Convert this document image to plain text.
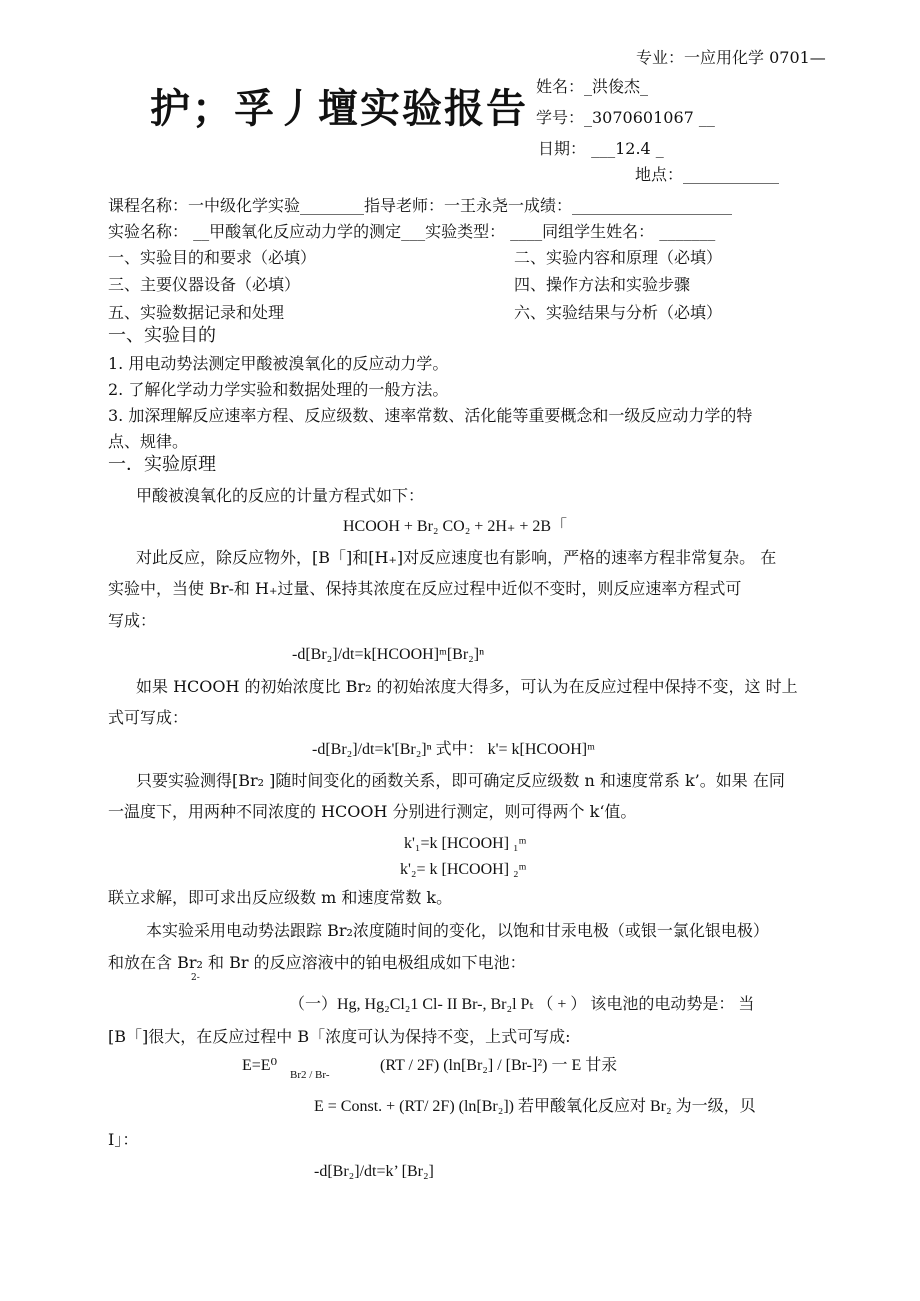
专业：一应用化学 0701—
护；孚丿壇实验报告 姓名：_洪俊杰_
学号：_3070601067 __
日期： ___12.4 _
地点：____________
课程名称：一中级化学实验________指导老师：一王永尧一成绩：____________________
实验名称： __甲酸氧化反应动力学的测定___实验类型： ____同组学生姓名： _______
一、实验目的和要求（必填）	二、实验内容和原理（必填）
三、主要仪器设备（必填）	四、操作方法和实验步骤
五、实验数据记录和处理	六、实验结果与分析（必填）
一、实验目的
1. 用电动势法测定甲酸被溴氧化的反应动力学。
2. 了解化学动力学实验和数据处理的一般方法。
3. 加深理解反应速率方程、反应级数、速率常数、活化能等重要概念和一级反应动力学的特
点、规律。
一．实验原理
甲酸被溴氧化的反应的计量方程式如下：
HCOOH + Br₂ CO₂ + 2H₊ + 2B「
对此反应，除反应物外，[B「]和[H₊]对反应速度也有影响，严格的速率方程非常复杂。 在
实验中，当使 Br-和 H₊过量、保持其浓度在反应过程中近似不变时，则反应速率方程式可
写成：
-d[Br₂]/dt=k[HCOOH]ᵐ[Br₂]ⁿ
如果 HCOOH 的初始浓度比 Br₂ 的初始浓度大得多，可认为在反应过程中保持不变，这 时上
式可写成：
-d[Br₂]/dt=k'[Br₂]ⁿ 式中： k'= k[HCOOH]ᵐ
只要实验测得[Br₂ ]随时间变化的函数关系，即可确定反应级数 n 和速度常系 k’。如果 在同
一温度下，用两种不同浓度的 HCOOH 分别进行测定，则可得两个 k‘值。
k'₁=k [HCOOH] ₁ᵐ
k'₂= k [HCOOH] ₂ᵐ
联立求解，即可求出反应级数 m 和速度常数 k。
本实验采用电动势法跟踪 Br₂浓度随时间的变化，以饱和甘汞电极（或银一氯化银电极）
和放在含 Br₂ 和 Br 的反应溶液中的铂电极组成如下电池：
2-
（一）Hg, Hg₂Cl₂1 Cl- II Br-, Br₂l Pₜ （ + ） 该电池的电动势是： 当
[B「]很大，在反应过程中 B「浓度可认为保持不变，上式可写成:
E=E⁰
Br2 / Br-
(RT / 2F) (ln[Br₂] / [Br-]²) 一 E 甘汞
E = Const. + (RT/ 2F) (ln[Br₂]) 若甲酸氧化反应对 Br₂ 为一级，贝
I」：
-d[Br₂]/dt=k’ [Br₂]
